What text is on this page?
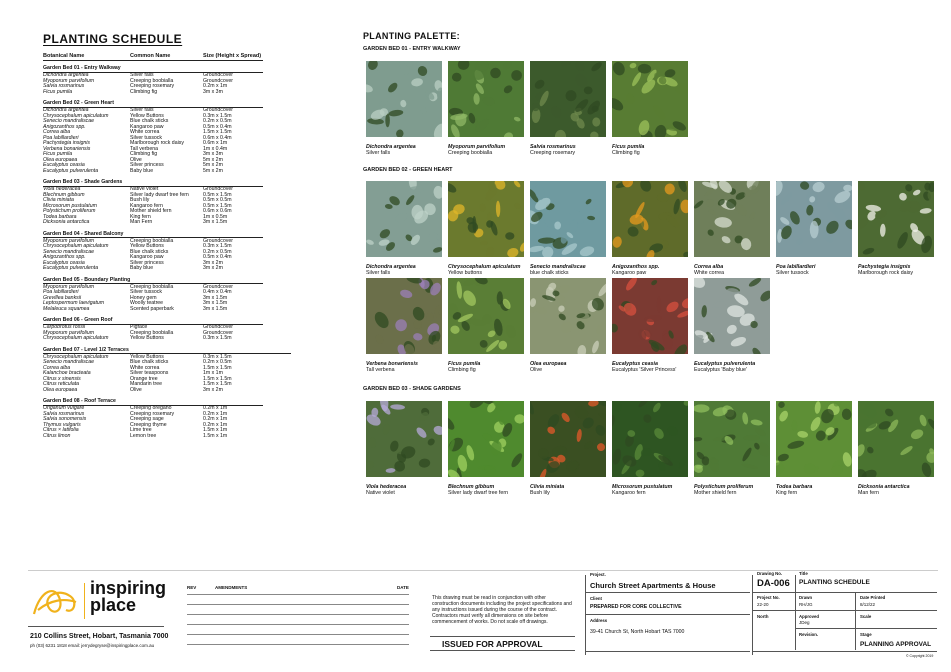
PLANTING SCHEDULE
Botanical Name	Common Name	Size (Height x Spread)
Garden Bed 01 - Entry Walkway
Dichondra argentea	Silver falls	Groundcover
Myoporum parvifolium	Creeping boobialla	Groundcover
Salvia rosmarinus	Creeping rosemary	0.2m x 1m
Ficus pumila	Climbing fig	3m x 3m
Garden Bed 02 - Green Heart
Dichondra argentea	Silver falls	Groundcover
Chrysocephalum apiculatum	Yellow Buttons	0.3m x 1.5m
Senecio mandraliscae	Blue chalk sticks	0.2m x 0.5m
Anigozanthos spp.	Kangaroo paw	0.5m x 0.4m
Correa alba	White correa	1.5m x 1.5m
Poa labillardieri	Silver tussock	0.6m x 0.4m
Pachystegia insignis	Marlborough rock daisy	0.6m x 1m
Verbena bonariensis	Tall verbena	1m x 0.4m
Ficus pumila	Climbing fig	3m x 3m
Olea europaea	Olive	5m x 2m
Eucalyptus ceasia	Silver princess	5m x 2m
Eucalyptus pulverulenta	Baby blue	5m x 2m
Garden Bed 03 - Shade Gardens
Viola hederacea	Native violet	Groundcover
Blechnum gibbum	Silver lady dwarf tree fern	0.5m x 1.5m
Clivia miniata	Bush lily	0.5m x 0.5m
Microsorum pustulatum	Kangaroo fern	0.5m x 1.5m
Polystichum proliferum	Mother shield fern	0.6m x 0.6m
Todea barbara	King fern	1m x 0.5m
Dicksonia antarctica	Man Fern	3m x 1.5m
Garden Bed 04 - Shared Balcony
Myoporum parvifolium	Creeping boobialla	Groundcover
Chrysocephalum apiculatum	Yellow Buttons	0.3m x 1.5m
Senecio mandraliscae	Blue chalk sticks	0.2m x 0.5m
Anigozanthos spp.	Kangaroo paw	0.5m x 0.4m
Eucalyptus ceasia	Silver princess	3m x 2m
Eucalyptus pulverulenta	Baby blue	3m x 2m
Garden Bed 05 - Boundary Planting
Myoporum parvifolium	Creeping boobialla	Groundcover
Poa labillardieri	Silver tussock	0.4m x 0.4m
Grevillea banksii	Honey gem	3m x 1.5m
Leptospermum laevigatum	Woolly teatree	3m x 1.5m
Melaleuca squamea	Scented paperbark	3m x 1.5m
Garden Bed 06 - Green Roof
Carpobrotus rossii	Pigface	Groundcover
Myoporum parvifolium	Creeping boobialla	Groundcover
Chrysocephalum apiculatum	Yellow Buttons	0.3m x 1.5m
Garden Bed 07 - Level 1/2 Terraces
Chrysocephalum apiculatum	Yellow Buttons	0.3m x 1.5m
Senecio mandraliscae	Blue chalk sticks	0.2m x 0.5m
Correa alba	White correa	1.5m x 1.5m
Kalanchoe bracteata	Silver teaspoons	1m x 1m
Citrus x sinensis	Orange tree	1.5m x 1.5m
Citrus reticulata	Mandarin tree	1.5m x 1.5m
Olea europaea	Olive	3m x 2m
Garden Bed 08 - Roof Terrace
Origanum vulgare	Creeping oregano	0.2m x 1m
Salvia rosmarinus	Creeping rosemary	0.2m x 1m
Salvia sonomensis	Creeping sage	0.2m x 1m
Thymus vulgaris	Creeping thyme	0.2m x 1m
Citrus × latifolia	Lime tree	1.5m x 1m
Citrus limon	Lemon tree	1.5m x 1m
PLANTING PALETTE:
GARDEN BED 01 - ENTRY WALKWAY
Dichondra argentea
Silver falls
Myoporum parvifolium
Creeping boobialla
Salvia rosmarinus
Creeping rosemary
Ficus pumila
Climbing fig
GARDEN BED 02 - GREEN HEART
Dichondra argentea
Silver falls
Chrysocephalum apiculatum
Yellow buttons
Senecio mandraliscae
blue chalk sticks
Anigozanthos spp.
Kangaroo paw
Correa alba
White correa
Poa labillardieri
Silver tussock
Pachystegia insignis
Marlborough rock daisy
Verbena bonariensis
Tall verbena
Ficus pumila
Climbing fig
Olea europaea
Olive
Eucalyptus ceasia
Eucalyptus 'Silver Princess'
Eucalyptus pulverulenta
Eucalyptus 'Baby blue'
GARDEN BED 03 - SHADE GARDENS
Viola hederacea
Native violet
Blechnum gibbum
Silver lady dwarf tree fern
Clivia miniata
Bush lily
Microsorum pustulatum
Kangaroo fern
Polystichum proliferum
Mother shield fern
Todea barbara
King fern
Dicksonia antarctica
Man fern
inspiring
place
210 Collins Street, Hobart, Tasmania 7000
ph (03) 6231 1818 email: jerrydegryse@inspiringplace.com.au
REV	AMENDMENTS	DATE
This drawing must be read in conjunction with other construction documents including the project specifications and any instructions issued during the course of the contract. Contractors must verify all dimensions on site before commencement of works. Do not scale off drawings.
ISSUED FOR APPROVAL
Project.
Church Street Apartments & House
Client
PREPARED FOR CORE COLLECTIVE
Address
39-41 Church St, North Hobart TAS 7000
Drawing No.	Title
DA-006 PLANTING SCHEDULE
Project No.
22-20
Drawn
RH/JG
Date Printed
8/12/22
North	Approved
JDeg
Scale
Revision.	Stage
PLANNING APPROVAL
© Copyright 2019
